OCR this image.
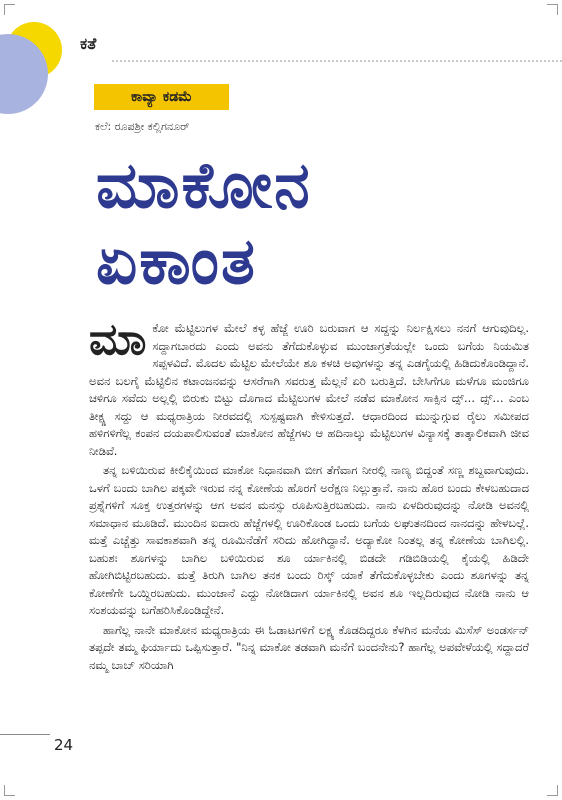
ಕತೆ
ಕಾವ್ಯಾ ಕಡಮೆ
ಕಲೆ: ರೂಪಶ್ರೀ ಕಲ್ಲಿಗನೂರ್
ಮಾಕೋನ
ಏಕಾಂತ

ಮಾ ಕೋ ಮೆಟ್ಟಿಲುಗಳ ಮೇಲೆ ಕಳ್ಳ ಹೆಜ್ಜೆ ಊರಿ ಬರುವಾಗ ಆ ಸದ್ದನ್ನು ನಿರ್ಲಕ್ಷಿಸಲು ನನಗೆ ಆಗುವುದಿಲ್ಲ. ಸದ್ದಾಗಬಾರದು ಎಂದು ಅವನು ತೆಗೆದುಕೊಳ್ಳುವ ಮುಂಜಾಗ್ರತೆಯಲ್ಲೇ ಒಂದು ಬಗೆಯ ನಿಯಮಿತ ಸಪ್ಪಳವಿದೆ. ಮೊದಲ ಮೆಟ್ಟಿಲ ಮೇಲೆಯೇ ಶೂ ಕಳಚಿ ಅವುಗಳನ್ನು ತನ್ನ ಎಡಗೈಯಲ್ಲಿ ಹಿಡಿದುಕೊಂಡಿದ್ದಾನೆ. ಅವನ ಬಲಗೈ ಮೆಟ್ಟಿಲಿನ ಕಟಾಂಜನವನ್ನು ಆಸರೆಗಾಗಿ ಸವರುತ್ತ ಮೆಲ್ಲನೆ ಏರಿ ಬರುತ್ತಿದೆ. ಬೇಸಿಗೆಗೂ ಮಳೆಗೂ ಮಂಜಿಗೂ ಚಳಿಗೂ ಸವೆದು ಅಲ್ಲಲ್ಲಿ ಬಿರುಕು ಬಿಟ್ಟು ದೊಗಾದ ಮೆಟ್ಟಿಲುಗಳ ಮೇಲೆ ನಡೆವ ಮಾಕೋನ ಸಾಕ್ಸಿನ ದ್ಸ್... ದ್ಸ್... ಎಂಬ ತೀಕ್ಷ್ಣ ಸದ್ದು ಆ ಮಧ್ಯರಾತ್ರಿಯ ನೀರವದಲ್ಲಿ ಸುಸ್ಪಷ್ಟವಾಗಿ ಕೇಳಿಸುತ್ತದೆ. ಆಧಾರದಿಂದ ಮುನ್ನುಗ್ಗುವ ರೈಲು ಸಮೀಪದ ಹಳಿಗಳಿಗೆಲ್ಲ ಕಂಪನ ದಯಪಾಲಿಸುವಂತೆ ಮಾಕೋನ ಹೆಜ್ಜೆಗಳು ಆ ಹದಿನಾಲ್ಕು ಮೆಟ್ಟಿಲುಗಳ ವಿನ್ಯಾಸಕ್ಕೆ ತಾತ್ಕಾಲಿಕವಾಗಿ ಜೀವ ನೀಡಿವೆ.

ತನ್ನ ಬಳಿಯಿರುವ ಕೀಲಿಕೈಯಿಂದ ಮಾಕೋ ನಿಧಾನವಾಗಿ ಬೀಗ ತೆಗೆವಾಗ ನೀರಲ್ಲಿ ನಾಣ್ಯ ಬಿದ್ದಂತೆ ಸಣ್ಣ ಶಬ್ದವಾಗುವುದು. ಒಳಗೆ ಬಂದು ಬಾಗಿಲ ಪಕ್ಕವೇ ಇರುವ ನನ್ನ ಕೋಣೆಯ ಹೊರಗೆ ಅರೆಕ್ಷಣ ನಿಲ್ಲುತ್ತಾನೆ. ನಾನು ಹೊರ ಬಂದು ಕೇಳಬಹುದಾದ ಪ್ರಶ್ನೆಗಳಿಗೆ ಸೂಕ್ತ ಉತ್ತರಗಳನ್ನು ಆಗ ಅವನ ಮನಸ್ಸು ರೂಪಿಸುತ್ತಿರಬಹುದು. ನಾನು ಏಳದಿರುವುದನ್ನು ನೋಡಿ ಅವನಲ್ಲಿ ಸಮಾಧಾನ ಮೂಡಿದೆ. ಮುಂದಿನ ಐದಾರು ಹೆಜ್ಜೆಗಳಲ್ಲಿ ಊರಿಕೊಂಡ ಒಂದು ಬಗೆಯ ಲಘುತನದಿಂದ ನಾನದನ್ನು ಹೇಳಬಲ್ಲೆ. ಮತ್ತೆ ಎಚ್ಚೆತ್ತು ಸಾವಕಾಶವಾಗಿ ತನ್ನ ರೂಮಿನೆಡೆಗೆ ಸರಿದು ಹೋಗಿದ್ದಾನೆ. ಅದ್ಯಾಕೋ ನಿಂತಲ್ಲ ತನ್ನ ಕೋಣೆಯ ಬಾಗಿಲಲ್ಲಿ. ಬಹುಶಃ ಶೂಗಳನ್ನು ಬಾಗಿಲ ಬಳಿಯಿರುವ ಶೂ ರ್ಯಾಕಿನಲ್ಲಿ ಬಿಡದೇ ಗಡಿಬಿಡಿಯಲ್ಲಿ ಕೈಯಲ್ಲಿ ಹಿಡಿದೇ ಹೋಗಿಬಿಟ್ಟಿರಬಹುದು. ಮತ್ತೆ ತಿರುಗಿ ಬಾಗಿಲ ತನಕ ಬಂದು ರಿಸ್ಕ್ ಯಾಕೆ ತೆಗೆದುಕೊಳ್ಳಬೇಕು ಎಂದು ಶೂಗಳನ್ನು ತನ್ನ ಕೋಣೆಗೇ ಒಯ್ದಿರಬಹುದು. ಮುಂಜಾನೆ ಎದ್ದು ನೋಡಿದಾಗ ರ್ಯಾಕಿನಲ್ಲಿ ಅವನ ಶೂ ಇಲ್ಲದಿರುವುದ ನೋಡಿ ನಾನು ಆ ಸಂಶಯವನ್ನು ಬಗೆಹರಿಸಿಕೊಂಡಿದ್ದೇನೆ.

ಹಾಗೆಲ್ಲ ನಾನೇ ಮಾಕೋನ ಮಧ್ಯರಾತ್ರಿಯ ಈ ಓಡಾಟಗಳಿಗೆ ಲಕ್ಷ್ಯ ಕೊಡದಿದ್ದರೂ ಕೆಳಗಿನ ಮನೆಯ ಮಿಸೆಸ್ ಅಂಡರ್ಸನ್ ತಪ್ಪದೇ ತಮ್ಮ ಫಿರ್ಯಾದು ಒಪ್ಪಿಸುತ್ತಾರೆ. "ನಿನ್ನ ಮಾಕೋ ತಡವಾಗಿ ಮನೆಗೆ ಬಂದನೇನು? ಹಾಗೆಲ್ಲ ಅಪವೇಳೆಯಲ್ಲಿ ಸದ್ದಾದರೆ ನಮ್ಮ ಬಾಬ್ ಸರಿಯಾಗಿ

24
